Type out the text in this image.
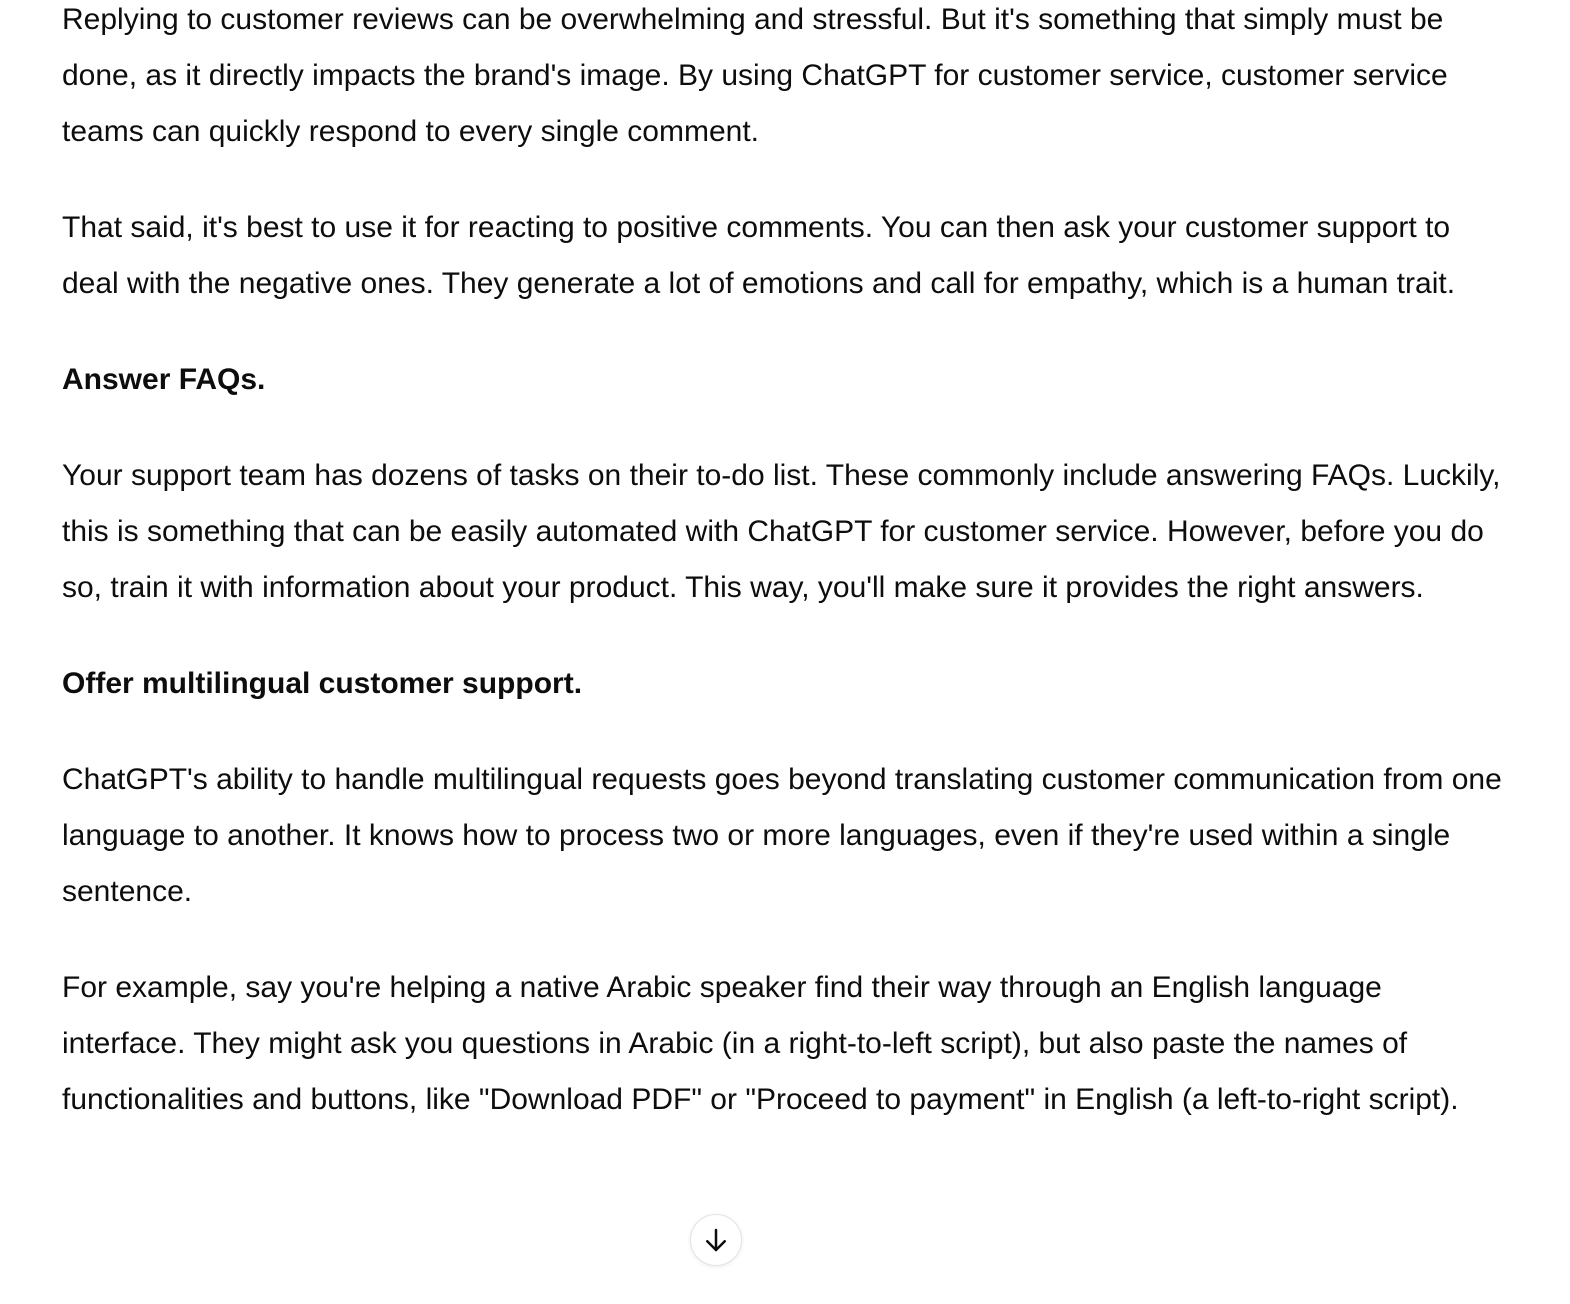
Replying to customer reviews can be overwhelming and stressful. But it's something that simply must be done, as it directly impacts the brand's image. By using ChatGPT for customer service, customer service teams can quickly respond to every single comment.

That said, it's best to use it for reacting to positive comments. You can then ask your customer support to deal with the negative ones. They generate a lot of emotions and call for empathy, which is a human trait.

Answer FAQs.

Your support team has dozens of tasks on their to-do list. These commonly include answering FAQs. Luckily, this is something that can be easily automated with ChatGPT for customer service. However, before you do so, train it with information about your product. This way, you'll make sure it provides the right answers.

Offer multilingual customer support.

ChatGPT's ability to handle multilingual requests goes beyond translating customer communication from one language to another. It knows how to process two or more languages, even if they're used within a single sentence.

For example, say you're helping a native Arabic speaker find their way through an English language interface. They might ask you questions in Arabic (in a right-to-left script), but also paste the names of functionalities and buttons, like "Download PDF" or "Proceed to payment" in English (a left-to-right script).
